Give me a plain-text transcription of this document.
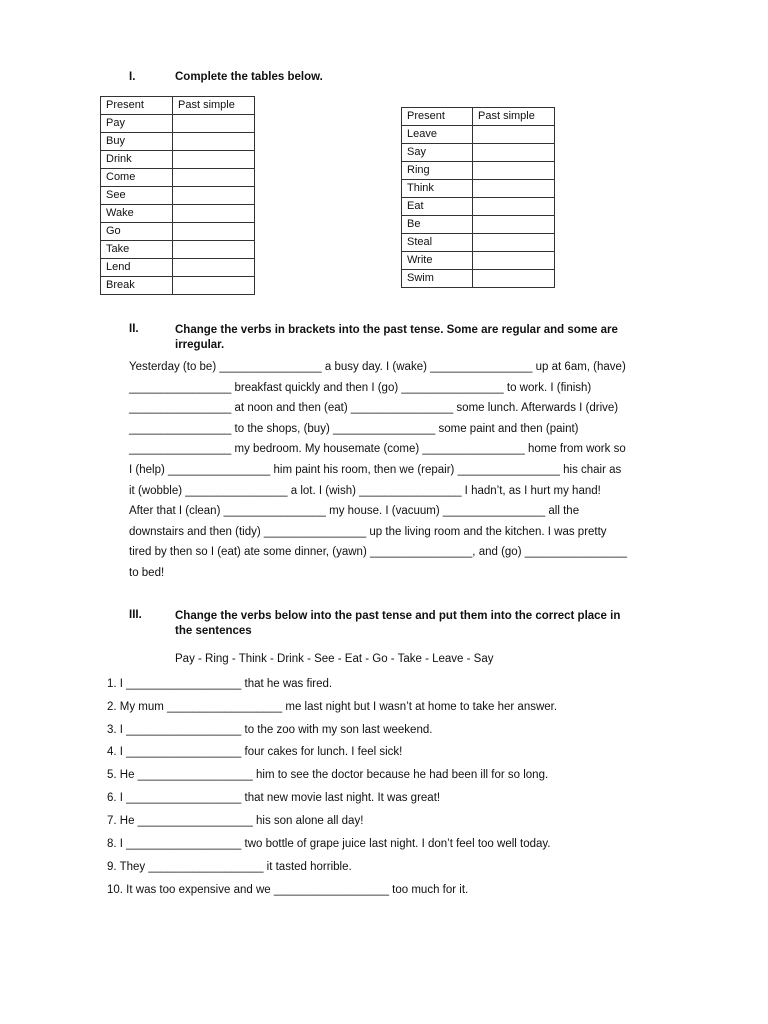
I.	Complete the tables below.
Present	Past simple
Pay	
Buy	
Drink	
Come	
See	
Wake	
Go	
Take	
Lend	
Break	
Present	Past simple
Leave	
Say	
Ring	
Think	
Eat	
Be	
Steal	
Write	
Swim	
II.	Change the verbs in brackets into the past tense. Some are regular and some are
irregular.
Yesterday (to be) ________________ a busy day. I (wake) ________________ up at 6am, (have)
________________ breakfast quickly and then I (go) ________________ to work. I (finish)
________________ at noon and then (eat) ________________ some lunch. Afterwards I (drive)
________________ to the shops, (buy) ________________ some paint and then (paint)
________________ my bedroom. My housemate (come) ________________ home from work so
I (help) ________________ him paint his room, then we (repair) ________________ his chair as
it (wobble) ________________ a lot. I (wish) ________________ I hadn’t, as I hurt my hand!
After that I (clean) ________________ my house. I (vacuum) ________________ all the
downstairs and then (tidy) ________________ up the living room and the kitchen. I was pretty
tired by then so I (eat) ate some dinner, (yawn) ________________, and (go) ________________
to bed!
III.	Change the verbs below into the past tense and put them into the correct place in
the sentences
Pay - Ring - Think - Drink - See - Eat - Go - Take - Leave - Say
1. I __________________ that he was fired.
2. My mum __________________ me last night but I wasn’t at home to take her answer.
3. I __________________ to the zoo with my son last weekend.
4. I __________________ four cakes for lunch. I feel sick!
5. He __________________ him to see the doctor because he had been ill for so long.
6. I __________________ that new movie last night. It was great!
7. He __________________ his son alone all day!
8. I __________________ two bottle of grape juice last night. I don’t feel too well today.
9. They __________________ it tasted horrible.
10. It was too expensive and we __________________ too much for it.
